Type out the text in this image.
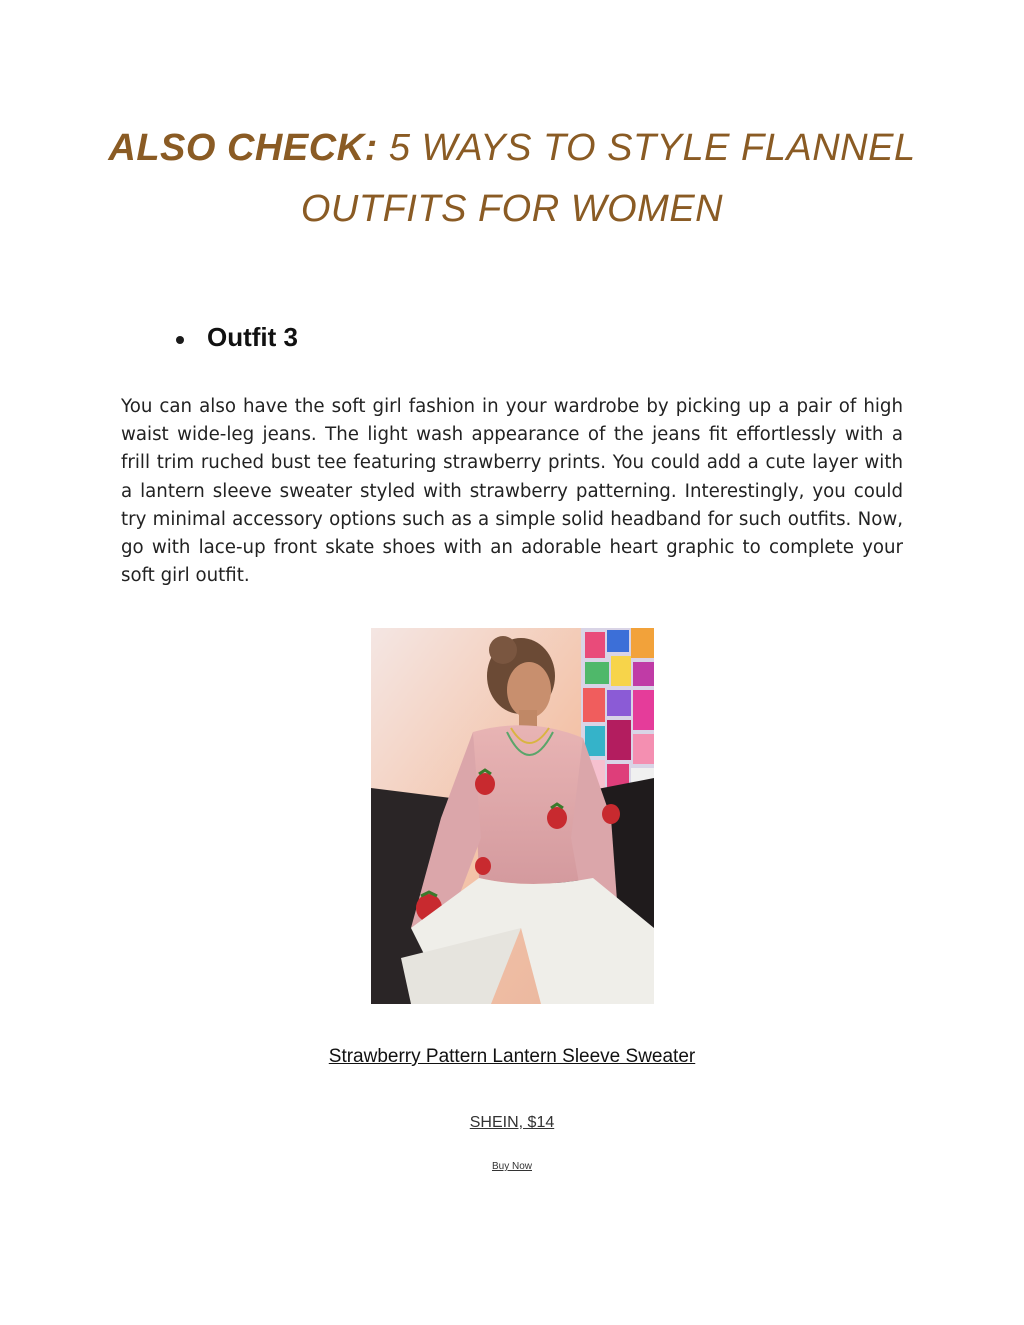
ALSO CHECK: 5 WAYS TO STYLE FLANNEL OUTFITS FOR WOMEN
Outfit 3

You can also have the soft girl fashion in your wardrobe by picking up a pair of high waist wide-leg jeans. The light wash appearance of the jeans fit effortlessly with a frill trim ruched bust tee featuring strawberry prints. You could add a cute layer with a lantern sleeve sweater styled with strawberry patterning. Interestingly, you could try minimal accessory options such as a simple solid headband for such outfits. Now, go with lace-up front skate shoes with an adorable heart graphic to complete your soft girl outfit.

Strawberry Pattern Lantern Sleeve Sweater
SHEIN, $14
Buy Now
